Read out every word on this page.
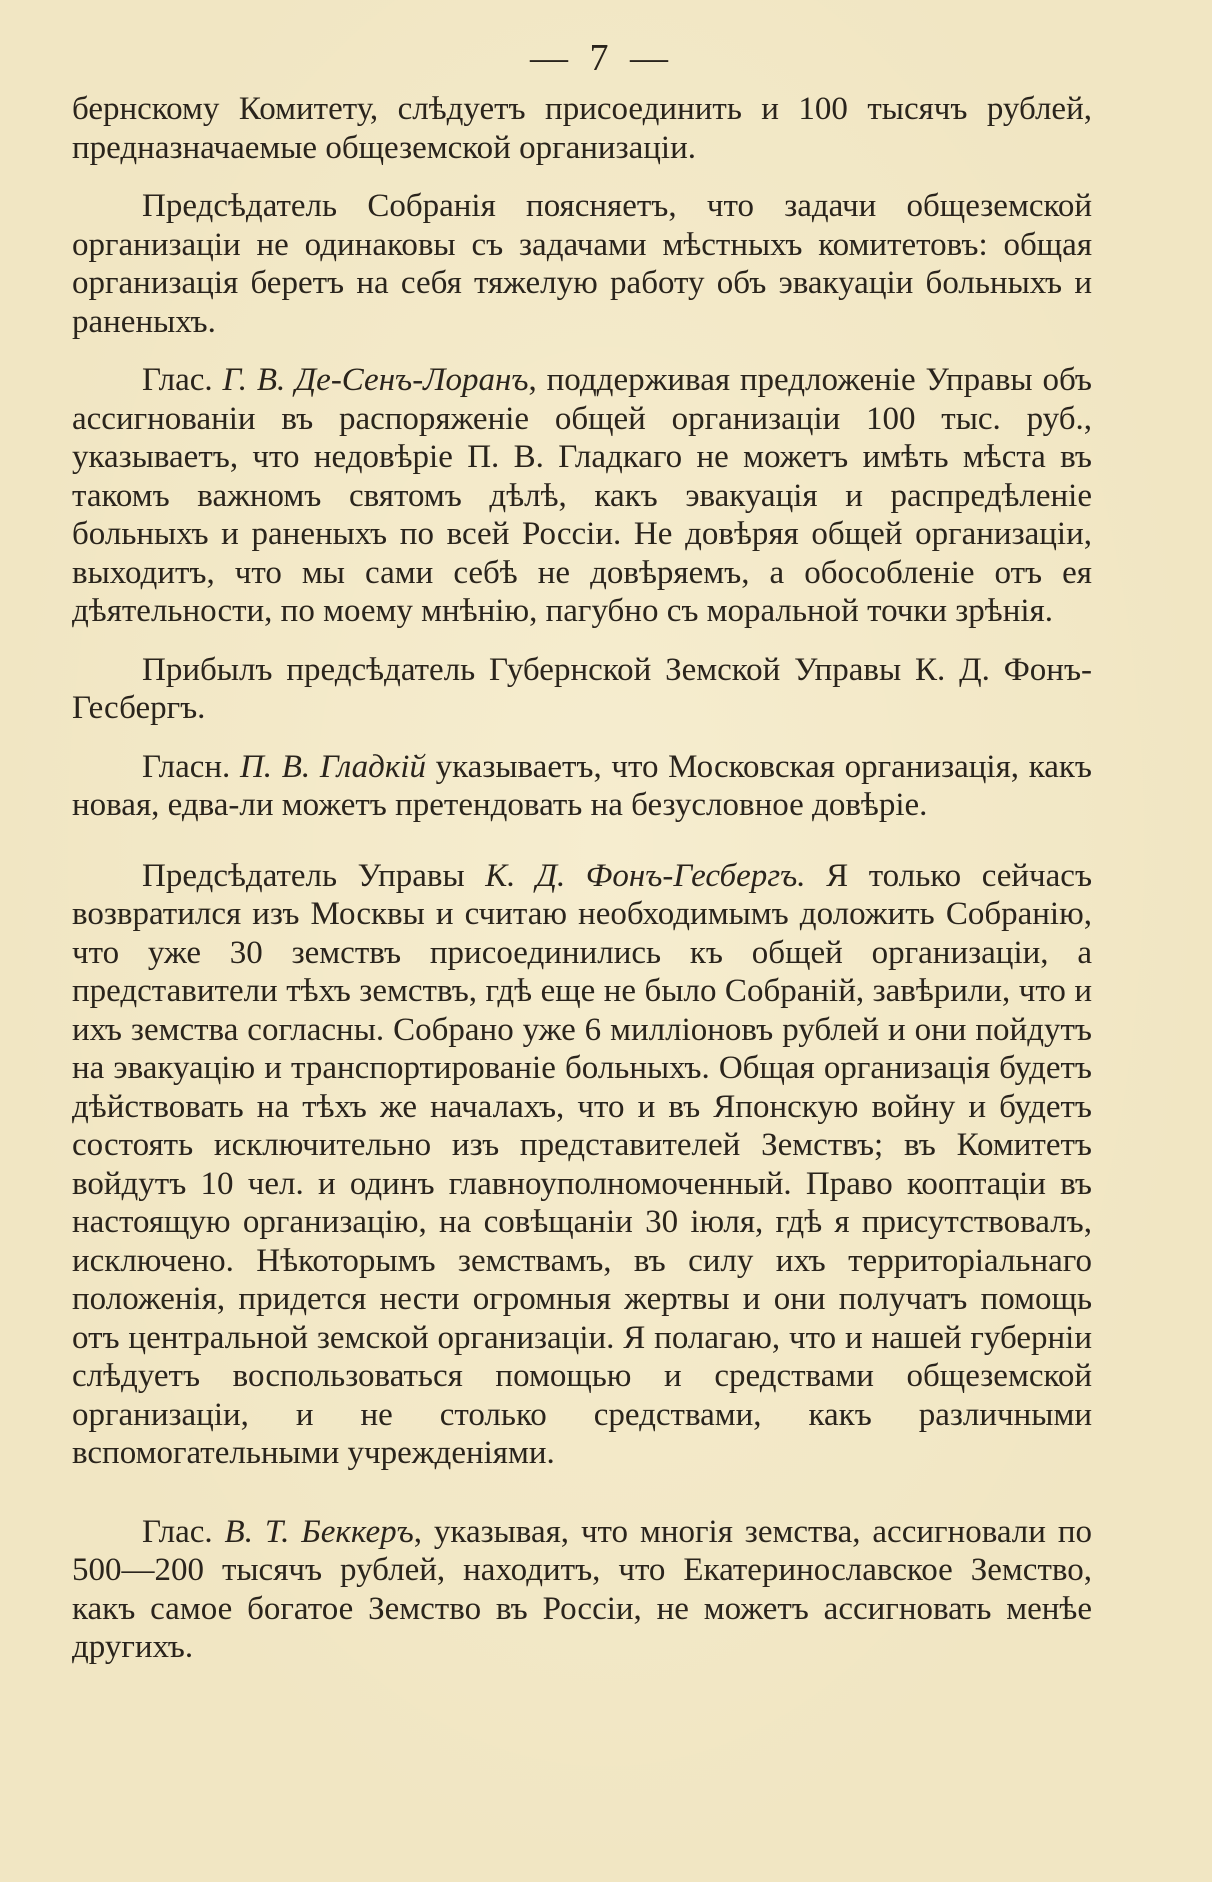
— 7 —

бернскому Комитету, слѣдуетъ присоединить и 100 тысячъ рублей, предназначаемые общеземской организаціи.

Предсѣдатель Собранія поясняетъ, что задачи общеземской организаціи не одинаковы съ задачами мѣстныхъ комитетовъ: общая организація беретъ на себя тяжелую работу объ эвакуаціи больныхъ и раненыхъ.

Глас. Г. В. Де-Сенъ-Лоранъ, поддерживая предложеніе Управы объ ассигнованіи въ распоряженіе общей организаціи 100 тыс. руб., указываетъ, что недовѣріе П. В. Гладкаго не можетъ имѣть мѣста въ такомъ важномъ святомъ дѣлѣ, какъ эвакуація и распредѣленіе больныхъ и раненыхъ по всей Россіи. Не довѣряя общей организаціи, выходитъ, что мы сами себѣ не довѣряемъ, а обособленіе отъ ея дѣятельности, по моему мнѣнію, пагубно съ моральной точки зрѣнія.

Прибылъ предсѣдатель Губернской Земской Управы К. Д. Фонъ-Гесбергъ.

Гласн. П. В. Гладкій указываетъ, что Московская организація, какъ новая, едва-ли можетъ претендовать на безусловное довѣріе.

Предсѣдатель Управы К. Д. Фонъ-Гесбергъ. Я только сейчасъ возвратился изъ Москвы и считаю необходимымъ доложить Собранію, что уже 30 земствъ присоединились къ общей организаціи, а представители тѣхъ земствъ, гдѣ еще не было Собраній, завѣрили, что и ихъ земства согласны. Собрано уже 6 милліоновъ рублей и они пойдутъ на эвакуацію и транспортированіе больныхъ. Общая организація будетъ дѣйствовать на тѣхъ же началахъ, что и въ Японскую войну и будетъ состоять исключительно изъ представителей Земствъ; въ Комитетъ войдутъ 10 чел. и одинъ главноуполномоченный. Право кооптаціи въ настоящую организацію, на совѣщаніи 30 іюля, гдѣ я присутствовалъ, исключено. Нѣкоторымъ земствамъ, въ силу ихъ территоріальнаго положенія, придется нести огромныя жертвы и они получатъ помощь отъ центральной земской организаціи. Я полагаю, что и нашей губерніи слѣдуетъ воспользоваться помощью и средствами общеземской организаціи, и не столько средствами, какъ различными вспомогательными учрежденіями.

Глас. В. Т. Беккеръ, указывая, что многія земства, ассигновали по 500—200 тысячъ рублей, находитъ, что Екатеринославское Земство, какъ самое богатое Земство въ Россіи, не можетъ ассигновать менѣе другихъ.
